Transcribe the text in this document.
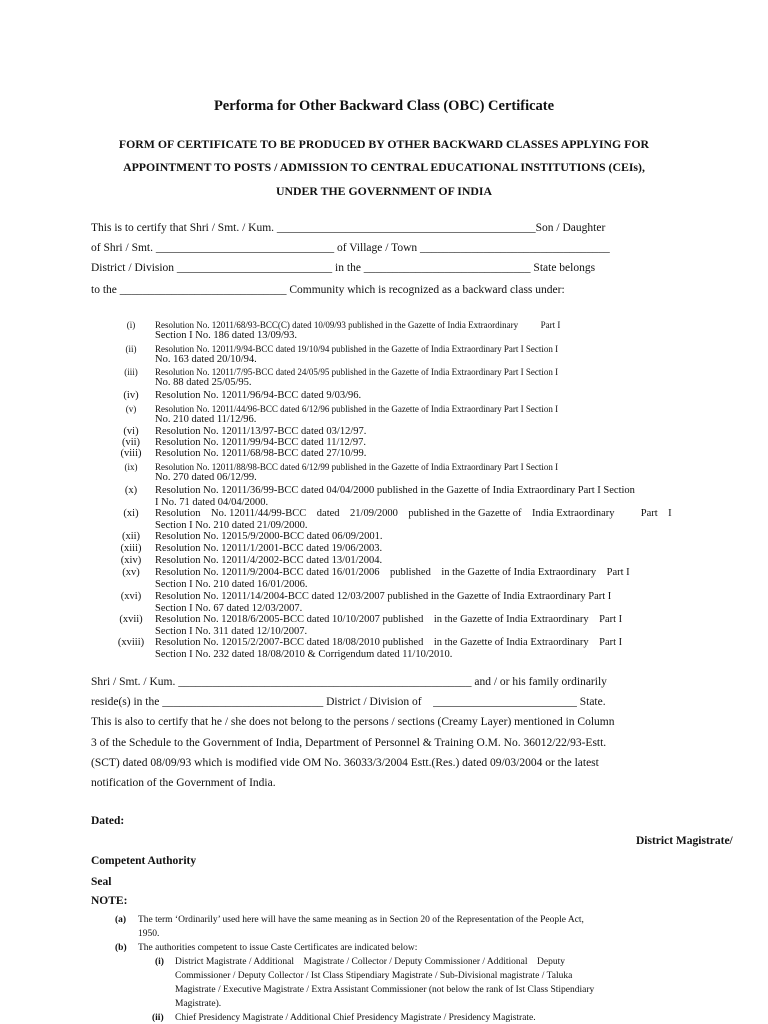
Performa for Other Backward Class (OBC) Certificate
FORM OF CERTIFICATE TO BE PRODUCED BY OTHER BACKWARD CLASSES APPLYING FOR
APPOINTMENT TO POSTS / ADMISSION TO CENTRAL EDUCATIONAL INSTITUTIONS (CEIs),
UNDER THE GOVERNMENT OF INDIA
This is to certify that Shri / Smt. / Kum. _____________________________________________Son / Daughter
of Shri / Smt. _______________________________ of Village / Town _________________________________
District / Division ___________________________ in the _____________________________ State belongs
to the _____________________________ Community which is recognized as a backward class under:
(i)	Resolution No. 12011/68/93-BCC(C) dated 10/09/93 published in the Gazette of India Extraordinary          Part I
Section I No. 186 dated 13/09/93.
(ii)	Resolution No. 12011/9/94-BCC dated 19/10/94 published in the Gazette of India Extraordinary Part I Section I
No. 163 dated 20/10/94.
(iii)	Resolution No. 12011/7/95-BCC dated 24/05/95 published in the Gazette of India Extraordinary Part I Section I
No. 88 dated 25/05/95.
(iv)	Resolution No. 12011/96/94-BCC dated 9/03/96.
(v)	Resolution No. 12011/44/96-BCC dated 6/12/96 published in the Gazette of India Extraordinary Part I Section I
No. 210 dated 11/12/96.
(vi)	Resolution No. 12011/13/97-BCC dated 03/12/97.
(vii)	Resolution No. 12011/99/94-BCC dated 11/12/97.
(viii)	Resolution No. 12011/68/98-BCC dated 27/10/99.
(ix)	Resolution No. 12011/88/98-BCC dated 6/12/99 published in the Gazette of India Extraordinary Part I Section I
No. 270 dated 06/12/99.
(x)	Resolution No. 12011/36/99-BCC dated 04/04/2000 published in the Gazette of India Extraordinary Part I Section
I No. 71 dated 04/04/2000.
(xi)	Resolution    No. 12011/44/99-BCC    dated    21/09/2000    published in the Gazette of    India Extraordinary          Part    I
Section I No. 210 dated 21/09/2000.
(xii)	Resolution No. 12015/9/2000-BCC dated 06/09/2001.
(xiii)	Resolution No. 12011/1/2001-BCC dated 19/06/2003.
(xiv)	Resolution No. 12011/4/2002-BCC dated 13/01/2004.
(xv)	Resolution No. 12011/9/2004-BCC dated 16/01/2006    published    in the Gazette of India Extraordinary    Part I
Section I No. 210 dated 16/01/2006.
(xvi)	Resolution No. 12011/14/2004-BCC dated 12/03/2007 published in the Gazette of India Extraordinary Part I
Section I No. 67 dated 12/03/2007.
(xvii)	Resolution No. 12018/6/2005-BCC dated 10/10/2007 published    in the Gazette of India Extraordinary    Part I
Section I No. 311 dated 12/10/2007.
(xviii)	Resolution No. 12015/2/2007-BCC dated 18/08/2010 published    in the Gazette of India Extraordinary    Part I
Section I No. 232 dated 18/08/2010 & Corrigendum dated 11/10/2010.
Shri / Smt. / Kum. ___________________________________________________ and / or his family ordinarily
reside(s) in the ____________________________ District / Division of    _________________________ State.
This is also to certify that he / she does not belong to the persons / sections (Creamy Layer) mentioned in Column
3 of the Schedule to the Government of India, Department of Personnel & Training O.M. No. 36012/22/93-Estt.
(SCT) dated 08/09/93 which is modified vide OM No. 36033/3/2004 Estt.(Res.) dated 09/03/2004 or the latest
notification of the Government of India.
Dated:
District Magistrate/
Competent Authority
Seal
NOTE:
(a) The term ‘Ordinarily’ used here will have the same meaning as in Section 20 of the Representation of the People Act,
1950.
(b) The authorities competent to issue Caste Certificates are indicated below:
(i) District Magistrate / Additional    Magistrate / Collector / Deputy Commissioner / Additional    Deputy
Commissioner / Deputy Collector / Ist Class Stipendiary Magistrate / Sub-Divisional magistrate / Taluka
Magistrate / Executive Magistrate / Extra Assistant Commissioner (not below the rank of Ist Class Stipendiary
Magistrate).
(ii) Chief Presidency Magistrate / Additional Chief Presidency Magistrate / Presidency Magistrate.
